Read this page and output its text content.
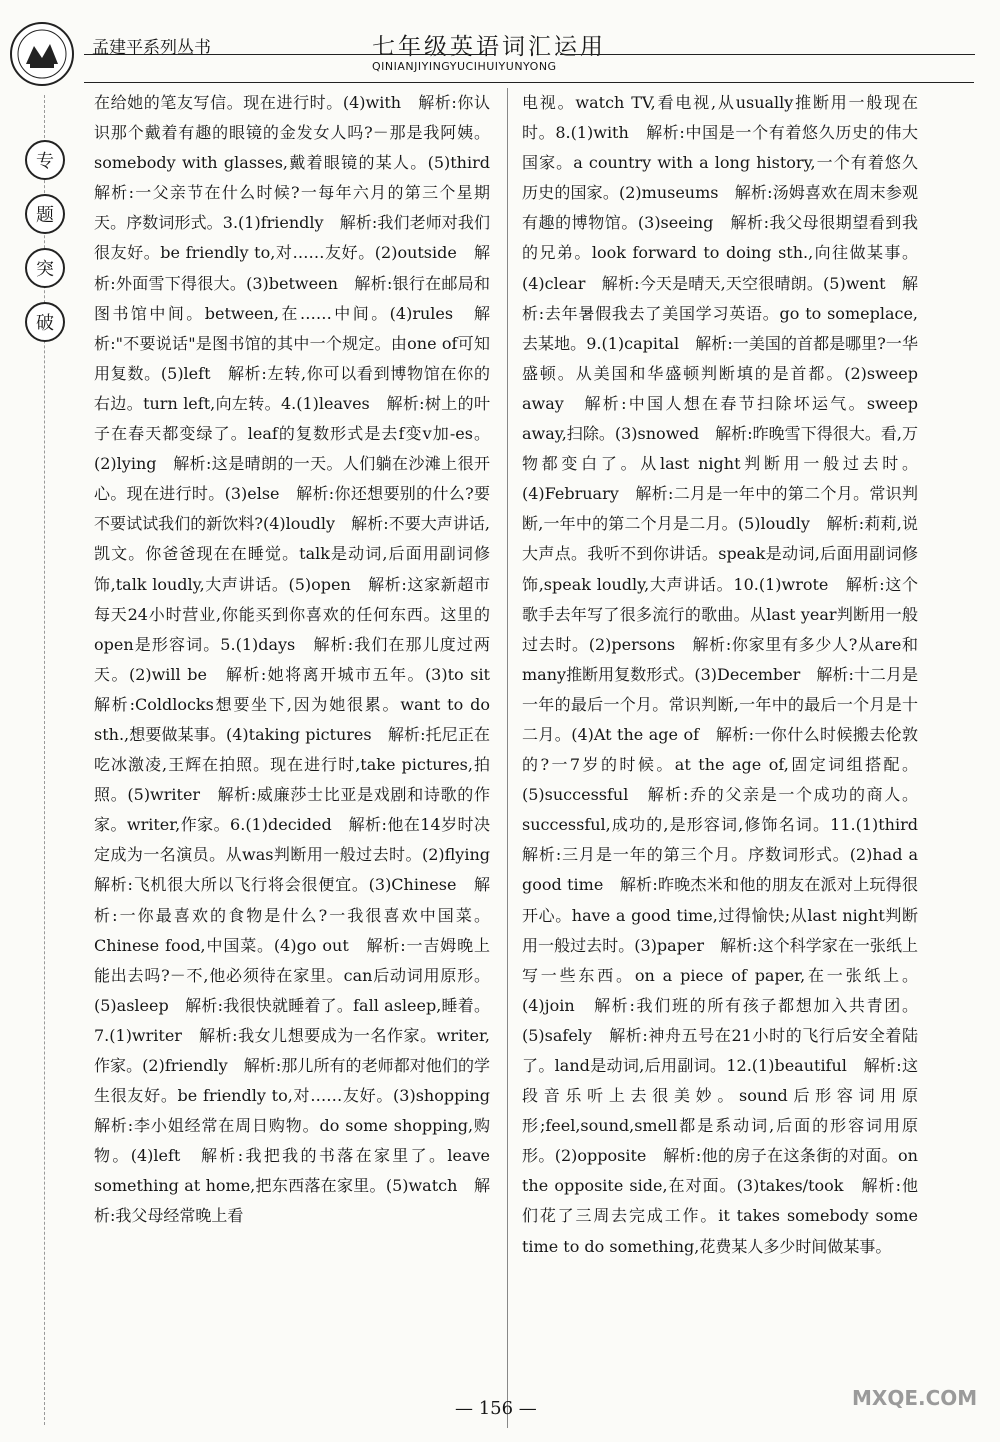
孟建平系列丛书	七年级英语词汇运用
QINIANJIYINGYUCIHUIYUNYONG
专
题
突
破

在给她的笔友写信。现在进行时。(4)with　解析:你认识那个戴着有趣的眼镜的金发女人吗?－那是我阿姨。somebody with glasses,戴着眼镜的某人。(5)third　解析:一父亲节在什么时候?一每年六月的第三个星期天。序数词形式。3.(1)friendly　解析:我们老师对我们很友好。be friendly to,对……友好。(2)outside　解析:外面雪下得很大。(3)between　解析:银行在邮局和图书馆中间。between,在……中间。(4)rules　解析:"不要说话"是图书馆的其中一个规定。由one of可知用复数。(5)left　解析:左转,你可以看到博物馆在你的右边。turn left,向左转。4.(1)leaves　解析:树上的叶子在春天都变绿了。leaf的复数形式是去f变v加-es。(2)lying　解析:这是晴朗的一天。人们躺在沙滩上很开心。现在进行时。(3)else　解析:你还想要别的什么?要不要试试我们的新饮料?(4)loudly　解析:不要大声讲话,凯文。你爸爸现在在睡觉。talk是动词,后面用副词修饰,talk loudly,大声讲话。(5)open　解析:这家新超市每天24小时营业,你能买到你喜欢的任何东西。这里的open是形容词。5.(1)days　解析:我们在那儿度过两天。(2)will be　解析:她将离开城市五年。(3)to sit　解析:Coldlocks想要坐下,因为她很累。want to do sth.,想要做某事。(4)taking pictures　解析:托尼正在吃冰激凌,王辉在拍照。现在进行时,take pictures,拍照。(5)writer　解析:威廉莎士比亚是戏剧和诗歌的作家。writer,作家。6.(1)decided　解析:他在14岁时决定成为一名演员。从was判断用一般过去时。(2)flying　解析:飞机很大所以飞行将会很便宜。(3)Chinese　解析:一你最喜欢的食物是什么?一我很喜欢中国菜。Chinese food,中国菜。(4)go out　解析:一吉姆晚上能出去吗?－不,他必须待在家里。can后动词用原形。(5)asleep　解析:我很快就睡着了。fall asleep,睡着。7.(1)writer　解析:我女儿想要成为一名作家。writer,作家。(2)friendly　解析:那儿所有的老师都对他们的学生很友好。be friendly to,对……友好。(3)shopping　解析:李小姐经常在周日购物。do some shopping,购物。(4)left　解析:我把我的书落在家里了。leave something at home,把东西落在家里。(5)watch　解析:我父母经常晚上看

电视。watch TV,看电视,从usually推断用一般现在时。8.(1)with　解析:中国是一个有着悠久历史的伟大国家。a country with a long history,一个有着悠久历史的国家。(2)museums　解析:汤姆喜欢在周末参观有趣的博物馆。(3)seeing　解析:我父母很期望看到我的兄弟。look forward to doing sth.,向往做某事。(4)clear　解析:今天是晴天,天空很晴朗。(5)went　解析:去年暑假我去了美国学习英语。go to someplace,去某地。9.(1)capital　解析:一美国的首都是哪里?一华盛顿。从美国和华盛顿判断填的是首都。(2)sweep away　解析:中国人想在春节扫除坏运气。sweep away,扫除。(3)snowed　解析:昨晚雪下得很大。看,万物都变白了。从last night判断用一般过去时。(4)February　解析:二月是一年中的第二个月。常识判断,一年中的第二个月是二月。(5)loudly　解析:莉莉,说大声点。我听不到你讲话。speak是动词,后面用副词修饰,speak loudly,大声讲话。10.(1)wrote　解析:这个歌手去年写了很多流行的歌曲。从last year判断用一般过去时。(2)persons　解析:你家里有多少人?从are和many推断用复数形式。(3)December　解析:十二月是一年的最后一个月。常识判断,一年中的最后一个月是十二月。(4)At the age of　解析:一你什么时候搬去伦敦的?一7岁的时候。at the age of,固定词组搭配。(5)successful　解析:乔的父亲是一个成功的商人。successful,成功的,是形容词,修饰名词。11.(1)third　解析:三月是一年的第三个月。序数词形式。(2)had a good time　解析:昨晚杰米和他的朋友在派对上玩得很开心。have a good time,过得愉快;从last night判断用一般过去时。(3)paper　解析:这个科学家在一张纸上写一些东西。on a piece of paper,在一张纸上。(4)join　解析:我们班的所有孩子都想加入共青团。(5)safely　解析:神舟五号在21小时的飞行后安全着陆了。land是动词,后用副词。12.(1)beautiful　解析:这段音乐听上去很美妙。sound后形容词用原形;feel,sound,smell都是系动词,后面的形容词用原形。(2)opposite　解析:他的房子在这条街的对面。on the opposite side,在对面。(3)takes/took　解析:他们花了三周去完成工作。it takes somebody some time to do something,花费某人多少时间做某事。

— 156 —	MXQE.COM
